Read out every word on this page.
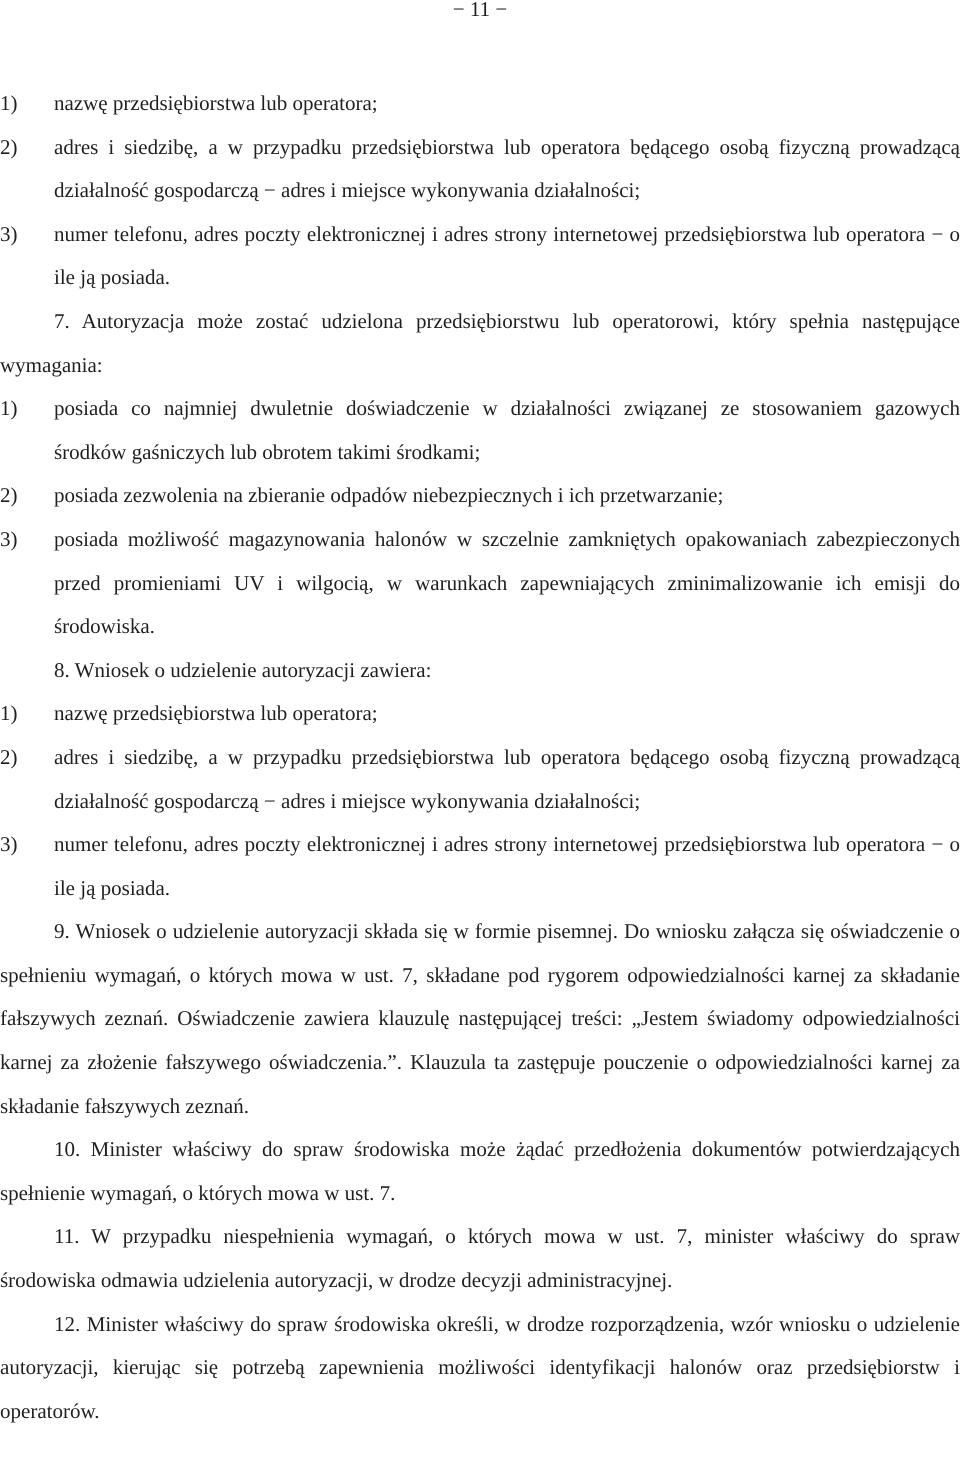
− 11 −
1)	nazwę przedsiębiorstwa lub operatora;
2)	adres i siedzibę, a w przypadku przedsiębiorstwa lub operatora będącego osobą fizyczną prowadzącą działalność gospodarczą − adres i miejsce wykonywania działalności;
3)	numer telefonu, adres poczty elektronicznej i adres strony internetowej przedsiębiorstwa lub operatora − o ile ją posiada.
7. Autoryzacja może zostać udzielona przedsiębiorstwu lub operatorowi, który spełnia następujące wymagania:
1)	posiada co najmniej dwuletnie doświadczenie w działalności związanej ze stosowaniem gazowych środków gaśniczych lub obrotem takimi środkami;
2)	posiada zezwolenia na zbieranie odpadów niebezpiecznych i ich przetwarzanie;
3)	posiada możliwość magazynowania halonów w szczelnie zamkniętych opakowaniach zabezpieczonych przed promieniami UV i wilgocią, w warunkach zapewniających zminimalizowanie ich emisji do środowiska.
8. Wniosek o udzielenie autoryzacji zawiera:
1)	nazwę przedsiębiorstwa lub operatora;
2)	adres i siedzibę, a w przypadku przedsiębiorstwa lub operatora będącego osobą fizyczną prowadzącą działalność gospodarczą − adres i miejsce wykonywania działalności;
3)	numer telefonu, adres poczty elektronicznej i adres strony internetowej przedsiębiorstwa lub operatora − o ile ją posiada.
9. Wniosek o udzielenie autoryzacji składa się w formie pisemnej. Do wniosku załącza się oświadczenie o spełnieniu wymagań, o których mowa w ust. 7, składane pod rygorem odpowiedzialności karnej za składanie fałszywych zeznań. Oświadczenie zawiera klauzulę następującej treści: „Jestem świadomy odpowiedzialności karnej za złożenie fałszywego oświadczenia.”. Klauzula ta zastępuje pouczenie o odpowiedzialności karnej za składanie fałszywych zeznań.
10. Minister właściwy do spraw środowiska może żądać przedłożenia dokumentów potwierdzających spełnienie wymagań, o których mowa w ust. 7.
11. W przypadku niespełnienia wymagań, o których mowa w ust. 7, minister właściwy do spraw środowiska odmawia udzielenia autoryzacji, w drodze decyzji administracyjnej.
12. Minister właściwy do spraw środowiska określi, w drodze rozporządzenia, wzór wniosku o udzielenie autoryzacji, kierując się potrzebą zapewnienia możliwości identyfikacji halonów oraz przedsiębiorstw i operatorów.
